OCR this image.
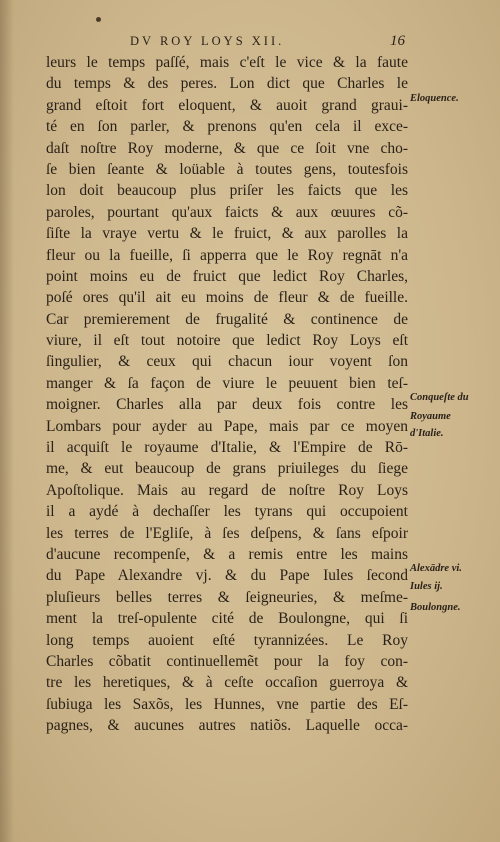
DV ROY LOYS XII.	16
leurs le temps paſſé, mais c'eſt le vice & la faute
du temps & des peres. Lon dict que Charles le
grand eſtoit fort eloquent, & auoit grand graui-
té en ſon parler, & prenons qu'en cela il exce-
daſt noſtre Roy moderne, & que ce ſoit vne cho-
ſe bien ſeante & loüable à toutes gens, toutesfois
lon doit beaucoup plus priſer les faicts que les
paroles, pourtant qu'aux faicts & aux œuures cõ-
ſiſte la vraye vertu & le fruict, & aux parolles la
fleur ou la fueille, ſi apperra que le Roy regnāt n'a
point moins eu de fruict que ledict Roy Charles,
poſé ores qu'il ait eu moins de fleur & de fueille.
Car premierement de frugalité & continence de
viure, il eſt tout notoire que ledict Roy Loys eſt
ſingulier, & ceux qui chacun iour voyent ſon
manger & ſa façon de viure le peuuent bien teſ-
moigner. Charles alla par deux fois contre les
Lombars pour ayder au Pape, mais par ce moyen
il acquiſt le royaume d'Italie, & l'Empire de Rō-
me, & eut beaucoup de grans priuileges du ſiege
Apoſtolique. Mais au regard de noſtre Roy Loys
il a aydé à dechaſſer les tyrans qui occupoient
les terres de l'Egliſe, à ſes deſpens, & ſans eſpoir
d'aucune recompenſe, & a remis entre les mains
du Pape Alexandre vj. & du Pape Iules ſecond
pluſieurs belles terres & ſeigneuries, & meſme-
ment la treſ-opulente cité de Boulongne, qui ſi
long temps auoient eſté tyrannizées. Le Roy
Charles cõbatit continuellemẽt pour la foy con-
tre les heretiques, & à ceſte occaſion guerroya &
ſubiuga les Saxõs, les Hunnes, vne partie des Eſ-
pagnes, & aucunes autres natiõs. Laquelle occa-
Eloquence.
Conqueſte du
Royaume
d'Italie.
Alexādre vi.
Iules ij.
Boulongne.
